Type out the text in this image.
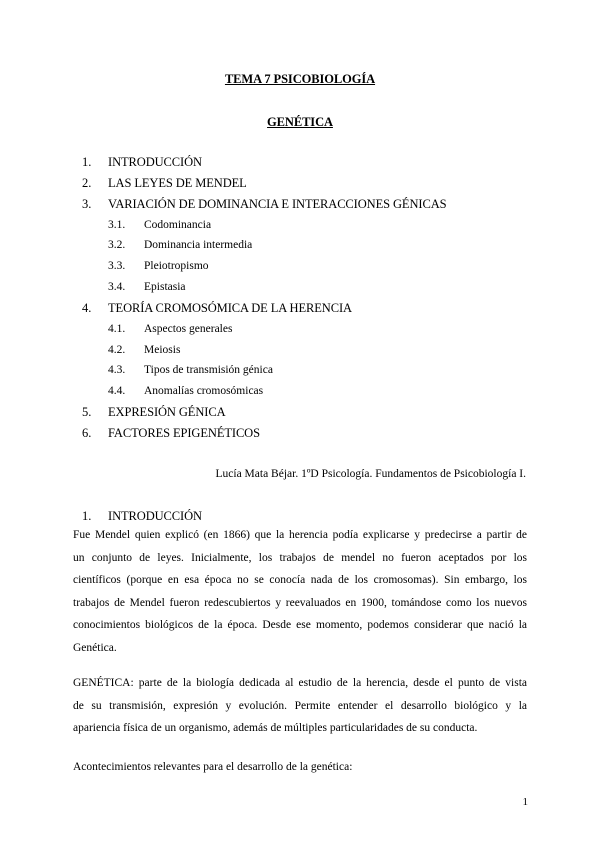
TEMA 7 PSICOBIOLOGÍA
GENÉTICA
1. INTRODUCCIÓN
2. LAS LEYES DE MENDEL
3. VARIACIÓN DE DOMINANCIA E INTERACCIONES GÉNICAS
3.1. Codominancia
3.2. Dominancia intermedia
3.3. Pleiotropismo
3.4. Epistasia
4. TEORÍA CROMOSÓMICA DE LA HERENCIA
4.1. Aspectos generales
4.2. Meiosis
4.3. Tipos de transmisión génica
4.4. Anomalías cromosómicas
5. EXPRESIÓN GÉNICA
6. FACTORES EPIGENÉTICOS
Lucía Mata Béjar. 1ºD Psicología. Fundamentos de Psicobiología I.
1. INTRODUCCIÓN
Fue Mendel quien explicó (en 1866) que la herencia podía explicarse y predecirse a partir de
un conjunto de leyes. Inicialmente, los trabajos de mendel no fueron aceptados por los
científicos (porque en esa época no se conocía nada de los cromosomas). Sin embargo, los
trabajos de Mendel fueron redescubiertos y reevaluados en 1900, tomándose como los nuevos
conocimientos biológicos de la época. Desde ese momento, podemos considerar que nació la
Genética.
GENÉTICA: parte de la biología dedicada al estudio de la herencia, desde el punto de vista
de su transmisión, expresión y evolución. Permite entender el desarrollo biológico y la
apariencia física de un organismo, además de múltiples particularidades de su conducta.
Acontecimientos relevantes para el desarrollo de la genética:
1
